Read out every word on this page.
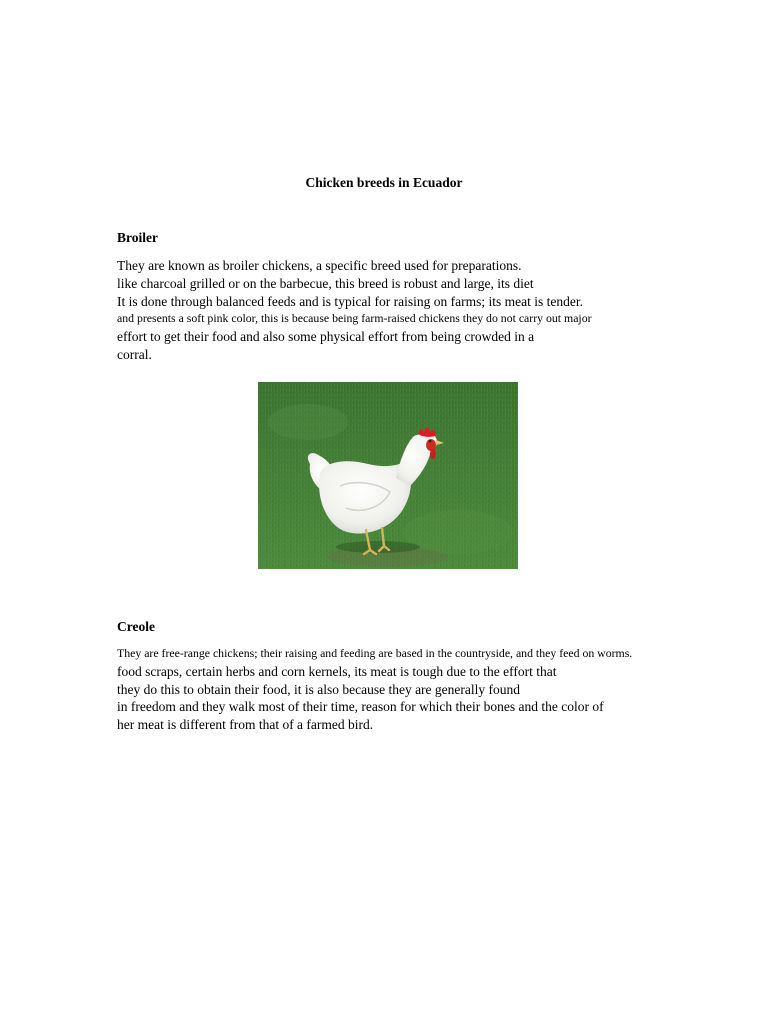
Chicken breeds in Ecuador
Broiler
They are known as broiler chickens, a specific breed used for preparations.
like charcoal grilled or on the barbecue, this breed is robust and large, its diet
It is done through balanced feeds and is typical for raising on farms; its meat is tender.
and presents a soft pink color, this is because being farm-raised chickens they do not carry out major
effort to get their food and also some physical effort from being crowded in a
corral.
Creole
They are free-range chickens; their raising and feeding are based in the countryside, and they feed on worms.
food scraps, certain herbs and corn kernels, its meat is tough due to the effort that
they do this to obtain their food, it is also because they are generally found
in freedom and they walk most of their time, reason for which their bones and the color of
her meat is different from that of a farmed bird.
